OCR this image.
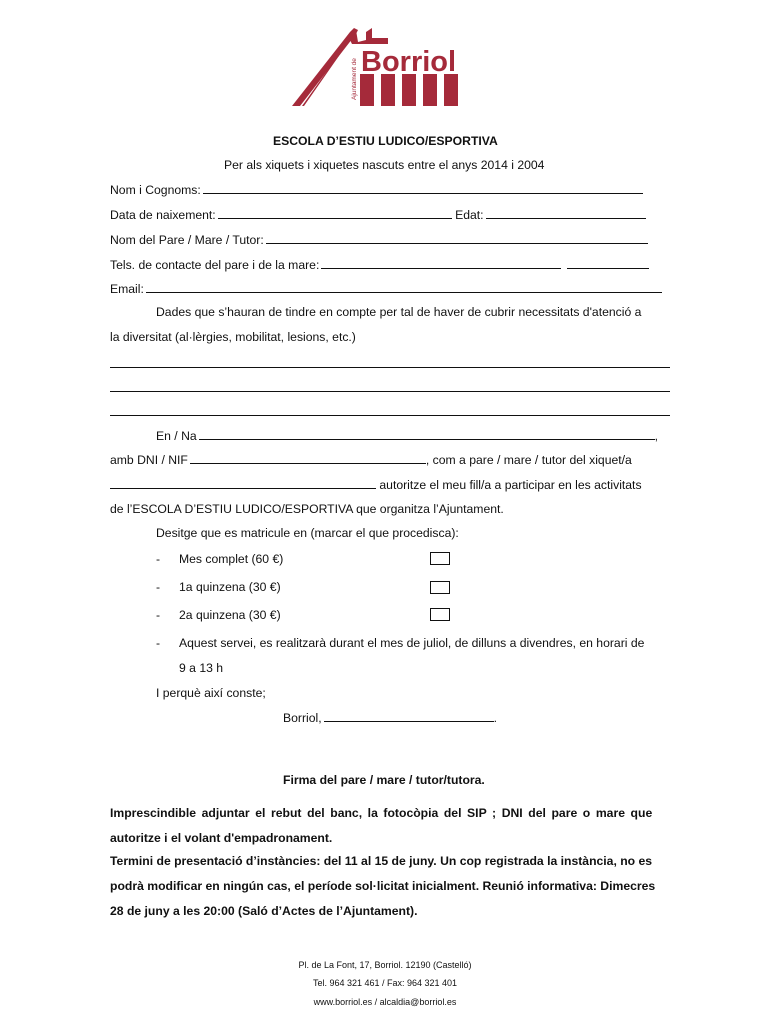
Borriol
Ajuntament de
ESCOLA D’ESTIU LUDICO/ESPORTIVA
Per als xiquets i xiquetes nascuts entre el anys 2014 i 2004
Nom i Cognoms:
Data de naixement:	Edat:
Nom del Pare / Mare / Tutor:
Tels. de contacte del pare i de la mare:
Email:
Dades que s’hauran de tindre en compte per tal de haver de cubrir necessitats d'atenció a
la diversitat (al·lèrgies, mobilitat, lesions, etc.)
En / Na	,
amb DNI / NIF	, com a pare / mare / tutor del xiquet/a
autoritze el meu fill/a a participar en les activitats
de l’ESCOLA D’ESTIU LUDICO/ESPORTIVA que organitza l’Ajuntament.
Desitge que es matricule en (marcar el que procedisca):
- Mes complet (60 €)
- 1a quinzena (30 €)
- 2a quinzena (30 €)
- Aquest servei, es realitzarà durant el mes de juliol, de dilluns a divendres, en horari de
9 a 13 h
I perquè així conste;
Borriol,	.
Firma del pare / mare / tutor/tutora.
Imprescindible adjuntar el rebut del banc, la fotocòpia del SIP ; DNI del pare o mare que
autoritze i el volant d'empadronament.
Termini de presentació d’instàncies: del 11 al 15 de juny. Un cop registrada la instància, no es
podrà modificar en ningún cas, el període sol·licitat inicialment. Reunió informativa: Dimecres
28 de juny a les 20:00 (Saló d’Actes de l’Ajuntament).
Pl. de La Font, 17, Borriol. 12190 (Castelló)
Tel. 964 321 461 / Fax: 964 321 401
www.borriol.es / alcaldia@borriol.es
